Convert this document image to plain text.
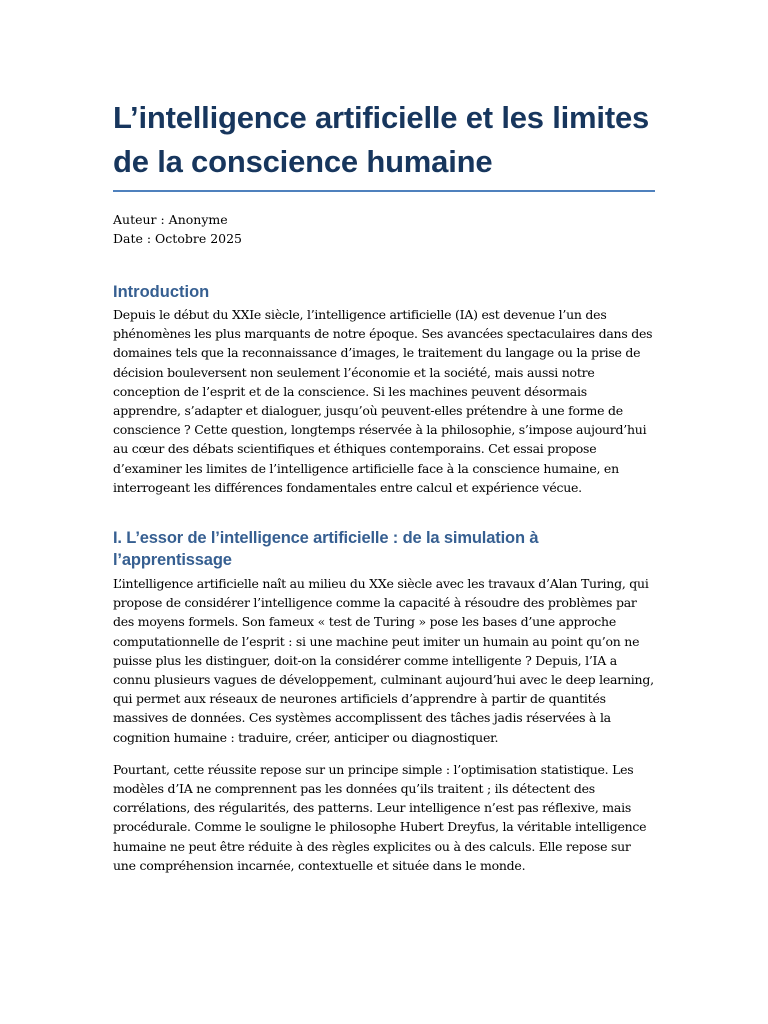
L’intelligence artificielle et les limites de la conscience humaine
Auteur : Anonyme
Date : Octobre 2025
Introduction

Depuis le début du XXIe siècle, l’intelligence artificielle (IA) est devenue l’un des phénomènes les plus marquants de notre époque. Ses avancées spectaculaires dans des domaines tels que la reconnaissance d’images, le traitement du langage ou la prise de décision bouleversent non seulement l’économie et la société, mais aussi notre conception de l’esprit et de la conscience. Si les machines peuvent désormais apprendre, s’adapter et dialoguer, jusqu’où peuvent-elles prétendre à une forme de conscience ? Cette question, longtemps réservée à la philosophie, s’impose aujourd’hui au cœur des débats scientifiques et éthiques contemporains. Cet essai propose d’examiner les limites de l’intelligence artificielle face à la conscience humaine, en interrogeant les différences fondamentales entre calcul et expérience vécue.

I. L’essor de l’intelligence artificielle : de la simulation à l’apprentissage

L’intelligence artificielle naît au milieu du XXe siècle avec les travaux d’Alan Turing, qui propose de considérer l’intelligence comme la capacité à résoudre des problèmes par des moyens formels. Son fameux « test de Turing » pose les bases d’une approche computationnelle de l’esprit : si une machine peut imiter un humain au point qu’on ne puisse plus les distinguer, doit-on la considérer comme intelligente ? Depuis, l’IA a connu plusieurs vagues de développement, culminant aujourd’hui avec le deep learning, qui permet aux réseaux de neurones artificiels d’apprendre à partir de quantités massives de données. Ces systèmes accomplissent des tâches jadis réservées à la cognition humaine : traduire, créer, anticiper ou diagnostiquer.

Pourtant, cette réussite repose sur un principe simple : l’optimisation statistique. Les modèles d’IA ne comprennent pas les données qu’ils traitent ; ils détectent des corrélations, des régularités, des patterns. Leur intelligence n’est pas réflexive, mais procédurale. Comme le souligne le philosophe Hubert Dreyfus, la véritable intelligence humaine ne peut être réduite à des règles explicites ou à des calculs. Elle repose sur une compréhension incarnée, contextuelle et située dans le monde.
